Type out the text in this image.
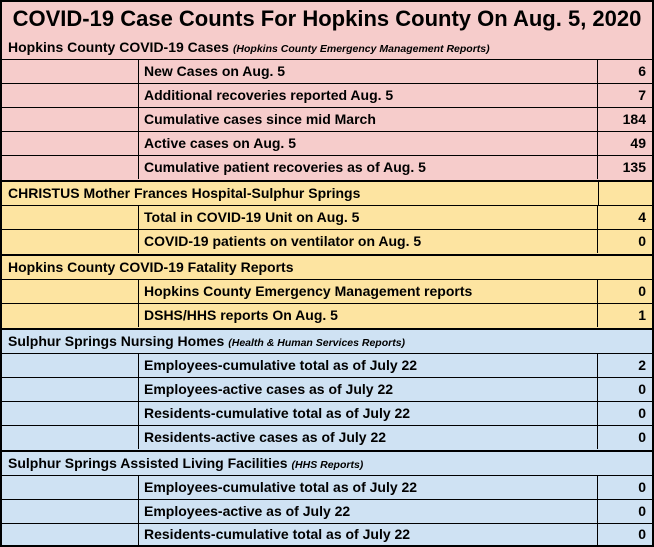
COVID-19 Case Counts For Hopkins County On Aug. 5, 2020
Hopkins County COVID-19 Cases (Hopkins County Emergency Management Reports)
New Cases on Aug. 5	6
Additional recoveries reported Aug. 5	7
Cumulative cases since mid March	184
Active cases on Aug. 5	49
Cumulative patient recoveries as of Aug. 5	135
CHRISTUS Mother Frances Hospital-Sulphur Springs
Total in COVID-19 Unit on Aug. 5	4
COVID-19 patients on ventilator on Aug. 5	0
Hopkins County COVID-19 Fatality Reports
Hopkins County Emergency Management reports	0
DSHS/HHS reports On Aug. 5	1
Sulphur Springs Nursing Homes (Health & Human Services Reports)
Employees-cumulative total as of July 22	2
Employees-active cases as of July 22	0
Residents-cumulative total as of July 22	0
Residents-active cases as of July 22	0
Sulphur Springs Assisted Living Facilities (HHS Reports)
Employees-cumulative total as of July 22	0
Employees-active as of July 22	0
Residents-cumulative total as of July 22	0
